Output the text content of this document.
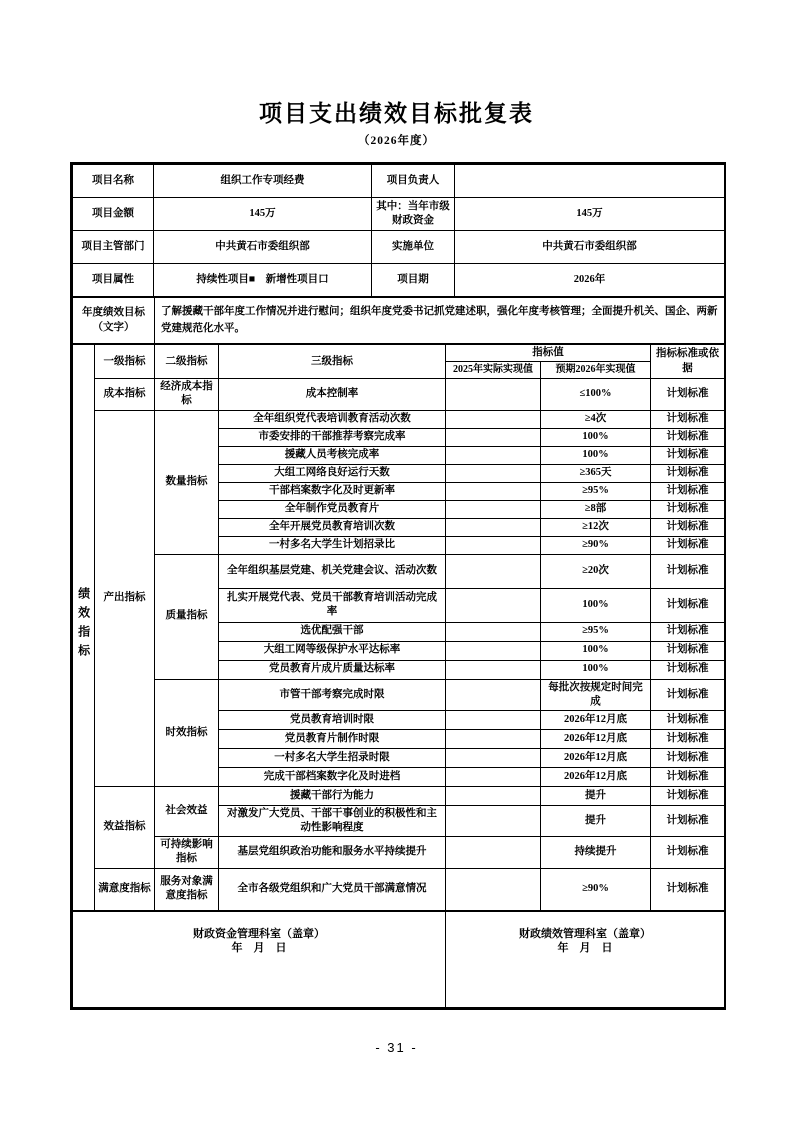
项目支出绩效目标批复表
（2026年度）
项目名称	组织工作专项经费	项目负责人	
项目金额	145万	其中：当年市级财政资金	145万
项目主管部门	中共黄石市委组织部	实施单位	中共黄石市委组织部
项目属性	持续性项目■　新增性项目口	项目期	2026年
年度绩效目标（文字）	了解援藏干部年度工作情况并进行慰问；组织年度党委书记抓党建述职，强化年度考核管理；全面提升机关、国企、两新党建规范化水平。
绩效指标	一级指标	二级指标	三级指标	指标值		指标标准或依据
				2025年实际实现值	预期2026年实现值	
	成本指标	经济成本指标	成本控制率		≤100%	计划标准
	产出指标	数量指标	全年组织党代表培训教育活动次数		≥4次	计划标准
			市委安排的干部推荐考察完成率		100%	计划标准
			援藏人员考核完成率		100%	计划标准
			大组工网络良好运行天数		≥365天	计划标准
			干部档案数字化及时更新率		≥95%	计划标准
			全年制作党员教育片		≥8部	计划标准
			全年开展党员教育培训次数		≥12次	计划标准
			一村多名大学生计划招录比		≥90%	计划标准
		质量指标	全年组织基层党建、机关党建会议、活动次数		≥20次	计划标准
			扎实开展党代表、党员干部教育培训活动完成率		100%	计划标准
			选优配强干部		≥95%	计划标准
			大组工网等级保护水平达标率		100%	计划标准
			党员教育片成片质量达标率		100%	计划标准
		时效指标	市管干部考察完成时限		每批次按规定时间完成	计划标准
			党员教育培训时限		2026年12月底	计划标准
			党员教育片制作时限		2026年12月底	计划标准
			一村多名大学生招录时限		2026年12月底	计划标准
			完成干部档案数字化及时进档		2026年12月底	计划标准
	效益指标	社会效益	援藏干部行为能力		提升	计划标准
			对激发广大党员、干部干事创业的积极性和主动性影响程度		提升	计划标准
		可持续影响指标	基层党组织政治功能和服务水平持续提升		持续提升	计划标准
	满意度指标	服务对象满意度指标	全市各级党组织和广大党员干部满意情况		≥90%	计划标准
财政资金管理科室（盖章）
年　月　日

财政绩效管理科室（盖章）
年　月　日
- 31 -
